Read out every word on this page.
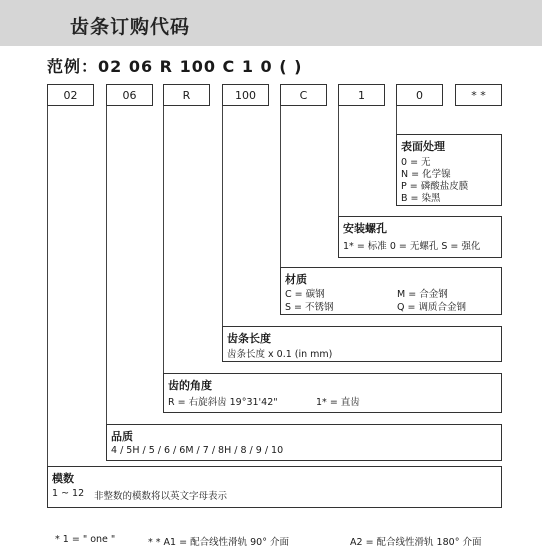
齿条订购代码
范例：02 06 R 100 C 1 0 ( )
02	06	R	100	C	1	0	* *
表面处理
0 = 无
N = 化学镍
P = 磷酸盐皮膜
B = 染黑
安装螺孔
1* = 标准 0 = 无螺孔 S = 强化
材质
C = 碳钢
S = 不锈钢
M = 合金钢
Q = 调质合金钢
齿条长度
齿条长度 x 0.1 (in mm)
齿的角度
R = 右旋斜齿 19°31'42"	1* = 直齿
品质
4 / 5H / 5 / 6 / 6M / 7 / 8H / 8 / 9 / 10
模数
1 ~ 12 非整数的模数将以英文字母表示
* 1 = " one "	* * A1 = 配合线性滑轨 90° 介面	A2 = 配合线性滑轨 180° 介面
